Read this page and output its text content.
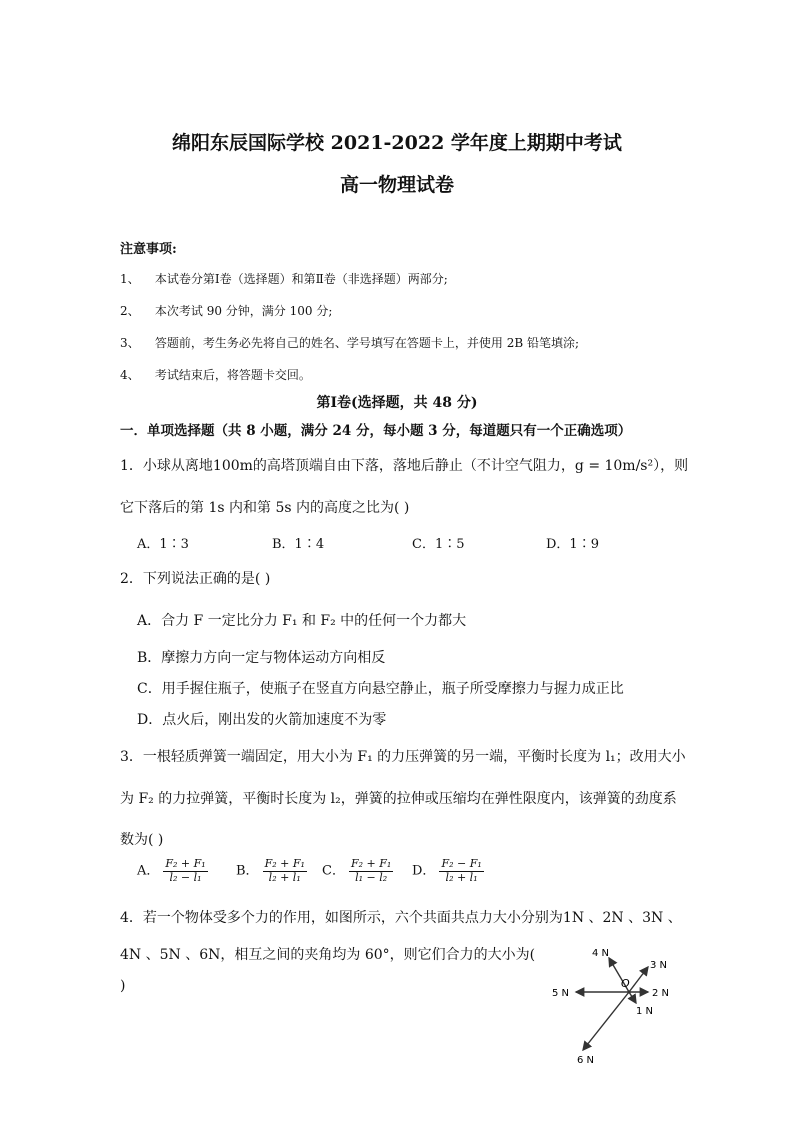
绵阳东辰国际学校 2021-2022 学年度上期期中考试
高一物理试卷
注意事项:
1、 本试卷分第Ⅰ卷（选择题）和第Ⅱ卷（非选择题）两部分;
2、 本次考试 90 分钟，满分 100 分;
3、 答题前，考生务必先将自己的姓名、学号填写在答题卡上，并使用 2B 铅笔填涂;
4、 考试结束后，将答题卡交回。
第Ⅰ卷(选择题，共 48 分)
一．单项选择题（共 8 小题，满分 24 分，每小题 3 分，每道题只有一个正确选项）
1．小球从离地100m的高塔顶端自由下落，落地后静止（不计空气阻力，g = 10m/s²），则
它下落后的第 1s 内和第 5s 内的高度之比为( )
A．1∶3	B．1∶4	C．1∶5	D．1∶9
2．下列说法正确的是( )
A．合力 F 一定比分力 F₁ 和 F₂ 中的任何一个力都大
B．摩擦力方向一定与物体运动方向相反
C．用手握住瓶子，使瓶子在竖直方向悬空静止，瓶子所受摩擦力与握力成正比
D．点火后，刚出发的火箭加速度不为零
3．一根轻质弹簧一端固定，用大小为 F₁ 的力压弹簧的另一端，平衡时长度为 l₁；改用大小
为 F₂ 的力拉弹簧，平衡时长度为 l₂，弹簧的拉伸或压缩均在弹性限度内，该弹簧的劲度系
数为( )
A． $\frac{\text{F₂ + F₁}}{\text{l₂ − l₁}}$ B． $\frac{\text{F₂ + F₁}}{\text{l₂ + l₁}}$ C． $\frac{\text{F₂ + F₁}}{\text{l₁ − l₂}}$ D． $\frac{\text{F₂ − F₁}}{\text{l₂ + l₁}}$
4．若一个物体受多个力的作用，如图所示，六个共面共点力大小分别为1N 、2N 、3N 、
4N 、5N 、6N，相互之间的夹角均为 60°，则它们合力的大小为(
)	O
4 N
3 N
5 N	2 N
1 N
6 N
